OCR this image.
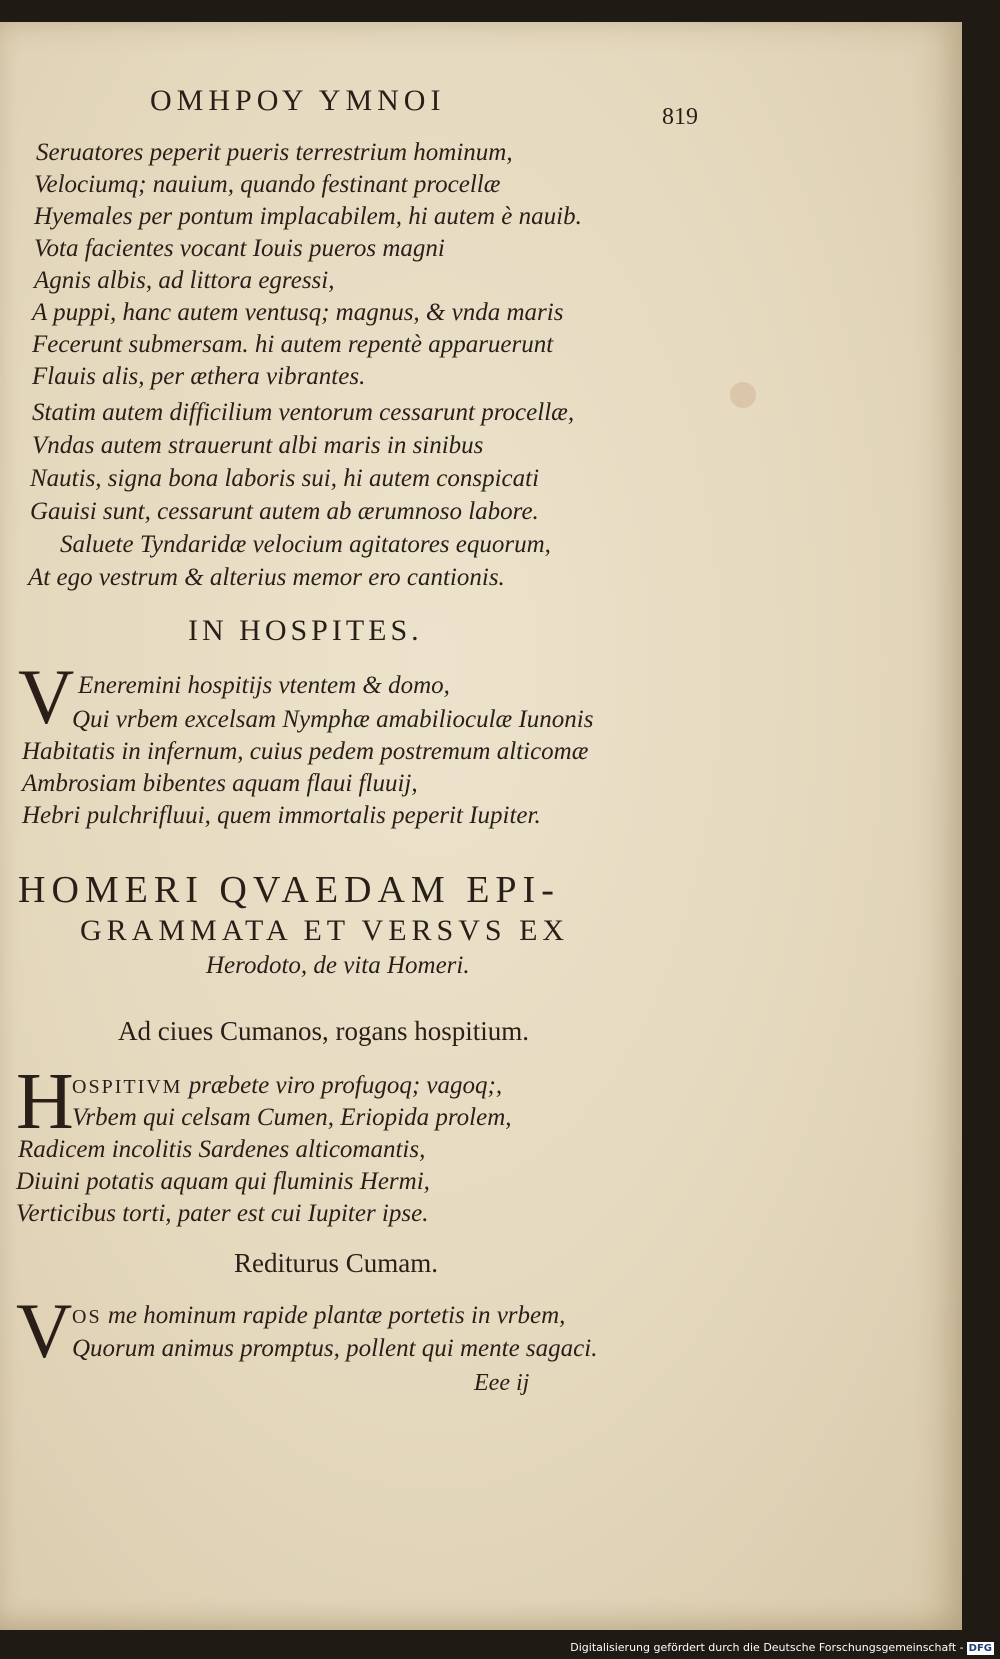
ΟΜΗΡΟΥ ΥΜΝΟΙ	819
Seruatores peperit pueris terrestrium hominum,
Velociumq; nauium, quando festinant procellæ
Hyemales per pontum implacabilem, hi autem è nauib.
Vota facientes vocant Iouis pueros magni
Agnis albis, ad littora egressi,
A puppi, hanc autem ventusq; magnus, & vnda maris
Fecerunt submersam. hi autem repentè apparuerunt
Flauis alis, per æthera vibrantes.
Statim autem difficilium ventorum cessarunt procellæ,
Vndas autem strauerunt albi maris in sinibus
Nautis, signa bona laboris sui, hi autem conspicati
Gauisi sunt, cessarunt autem ab ærumnoso labore.
Saluete Tyndaridæ velocium agitatores equorum,
At ego vestrum & alterius memor ero cantionis.
IN HOSPITES.
V Eneremini hospitijs vtentem & domo,
Qui vrbem excelsam Nymphæ amabilioculæ Iunonis
Habitatis in infernum, cuius pedem postremum alticomæ
Ambrosiam bibentes aquam flaui fluuij,
Hebri pulchrifluui, quem immortalis peperit Iupiter.
HOMERI QVAEDAM EPI-
GRAMMATA ET VERSVS EX
Herodoto, de vita Homeri.
Ad ciues Cumanos, rogans hospitium.
H
OSPITIVM præbete viro profugoq; vagoq;,
Vrbem qui celsam Cumen, Eriopida prolem,
Radicem incolitis Sardenes alticomantis,
Diuini potatis aquam qui fluminis Hermi,
Verticibus torti, pater est cui Iupiter ipse.
Rediturus Cumam.
V OS me hominum rapide plantæ portetis in vrbem,
Quorum animus promptus, pollent qui mente sagaci.
Eee ij
Digitalisierung gefördert durch die Deutsche Forschungsgemeinschaft - DFG
